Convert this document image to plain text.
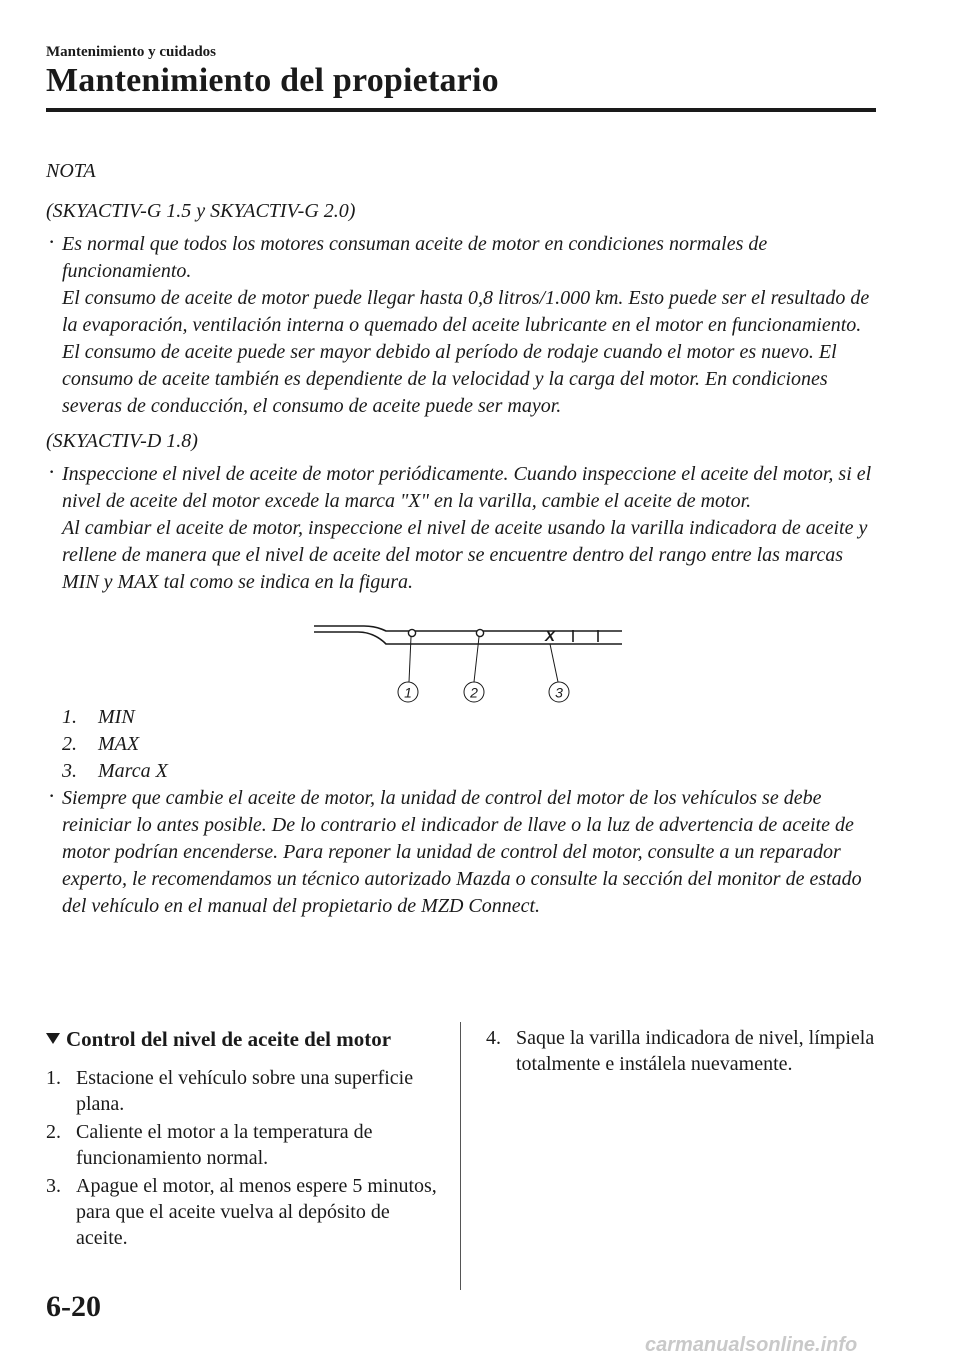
Mantenimiento y cuidados
Mantenimiento del propietario

NOTA

(SKYACTIV-G 1.5 y SKYACTIV-G 2.0)

· Es normal que todos los motores consuman aceite de motor en condiciones normales de funcionamiento.

El consumo de aceite de motor puede llegar hasta 0,8 litros/1.000 km. Esto puede ser el resultado de la evaporación, ventilación interna o quemado del aceite lubricante en el motor en funcionamiento. El consumo de aceite puede ser mayor debido al período de rodaje cuando el motor es nuevo. El consumo de aceite también es dependiente de la velocidad y la carga del motor. En condiciones severas de conducción, el consumo de aceite puede ser mayor.

(SKYACTIV-D 1.8)

· Inspeccione el nivel de aceite de motor periódicamente. Cuando inspeccione el aceite del motor, si el nivel de aceite del motor excede la marca "X" en la varilla, cambie el aceite de motor.

Al cambiar el aceite de motor, inspeccione el nivel de aceite usando la varilla indicadora de aceite y rellene de manera que el nivel de aceite del motor se encuentre dentro del rango entre las marcas MIN y MAX tal como se indica en la figura.

X
1	2	3
1.	MIN
2.	MAX
3.	Marca X

· Siempre que cambie el aceite de motor, la unidad de control del motor de los vehículos se debe reiniciar lo antes posible. De lo contrario el indicador de llave o la luz de advertencia de aceite de motor podrían encenderse. Para reponer la unidad de control del motor, consulte a un reparador experto, le recomendamos un técnico autorizado Mazda o consulte la sección del monitor de estado del vehículo en el manual del propietario de MZD Connect.

Control del nivel de aceite del motor

1. Estacione el vehículo sobre una superficie plana.
2. Caliente el motor a la temperatura de funcionamiento normal.
3. Apague el motor, al menos espere 5 minutos, para que el aceite vuelva al depósito de aceite.
4. Saque la varilla indicadora de nivel, límpiela totalmente e instálela nuevamente.
6-20
carmanualsonline.info
